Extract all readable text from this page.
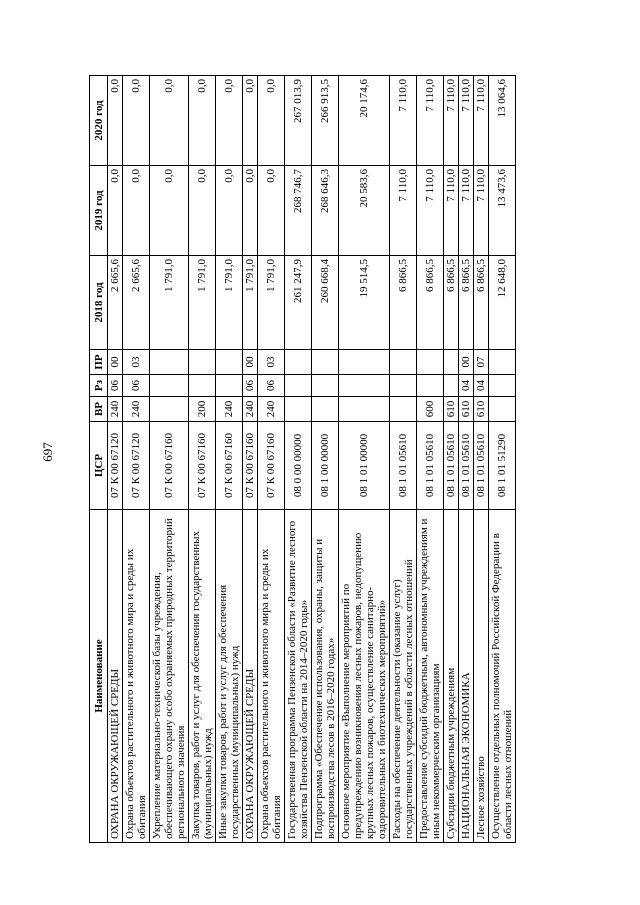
697
Наименование	ЦСР	ВР	Рз	ПР	2018 год	2019 год	2020 год
ОХРАНА ОКРУЖАЮЩЕЙ СРЕДЫ	07 К 00 67120	240	06	00	2 665,6	0,0	0,0
Охрана объектов растительного и животного мира и среды их обитания	07 К 00 67120	240	06	03	2 665,6	0,0	0,0
Укрепление материально-технической базы учреждения, обеспечивающего охрану особо охраняемых природных территорий регионального значения	07 К 00 67160				1 791,0	0,0	0,0
Закупка товаров, работ и услуг для обеспечения государственных (муниципальных) нужд	07 К 00 67160	200			1 791,0	0,0	0,0
Иные закупки товаров, работ и услуг для обеспечения государственных (муниципальных) нужд	07 К 00 67160	240			1 791,0	0,0	0,0
ОХРАНА ОКРУЖАЮЩЕЙ СРЕДЫ	07 К 00 67160	240	06	00	1 791,0	0,0	0,0
Охрана объектов растительного и животного мира и среды их обитания	07 К 00 67160	240	06	03	1 791,0	0,0	0,0
Государственная программа Пензенской области «Развитие лесного хозяйства Пензенской области на 2014–2020 годы»	08 0 00 00000				261 247,9	268 746,7	267 013,9
Подпрограмма «Обеспечение использования, охраны, защиты и воспроизводства лесов в 2016–2020 годах»	08 1 00 00000				260 668,4	268 646,3	266 913,5
Основное мероприятие «Выполнение мероприятий по предупреждению возникновения лесных пожаров, недопущению крупных лесных пожаров, осуществление санитарно-оздоровительных и биотехнических мероприятий»	08 1 01 00000				19 514,5	20 583,6	20 174,6
Расходы на обеспечение деятельности (оказание услуг) государственных учреждений в области лесных отношений	08 1 01 05610				6 866,5	7 110,0	7 110,0
Предоставление субсидий бюджетным, автономным учреждениям и иным некоммерческим организациям	08 1 01 05610	600			6 866,5	7 110,0	7 110,0
Субсидии бюджетным учреждениям	08 1 01 05610	610			6 866,5	7 110,0	7 110,0
НАЦИОНАЛЬНАЯ ЭКОНОМИКА	08 1 01 05610	610	04	00	6 866,5	7 110,0	7 110,0
Лесное хозяйство	08 1 01 05610	610	04	07	6 866,5	7 110,0	7 110,0
Осуществление отдельных полномочий Российской Федерации в области лесных отношений	08 1 01 51290				12 648,0	13 473,6	13 064,6
